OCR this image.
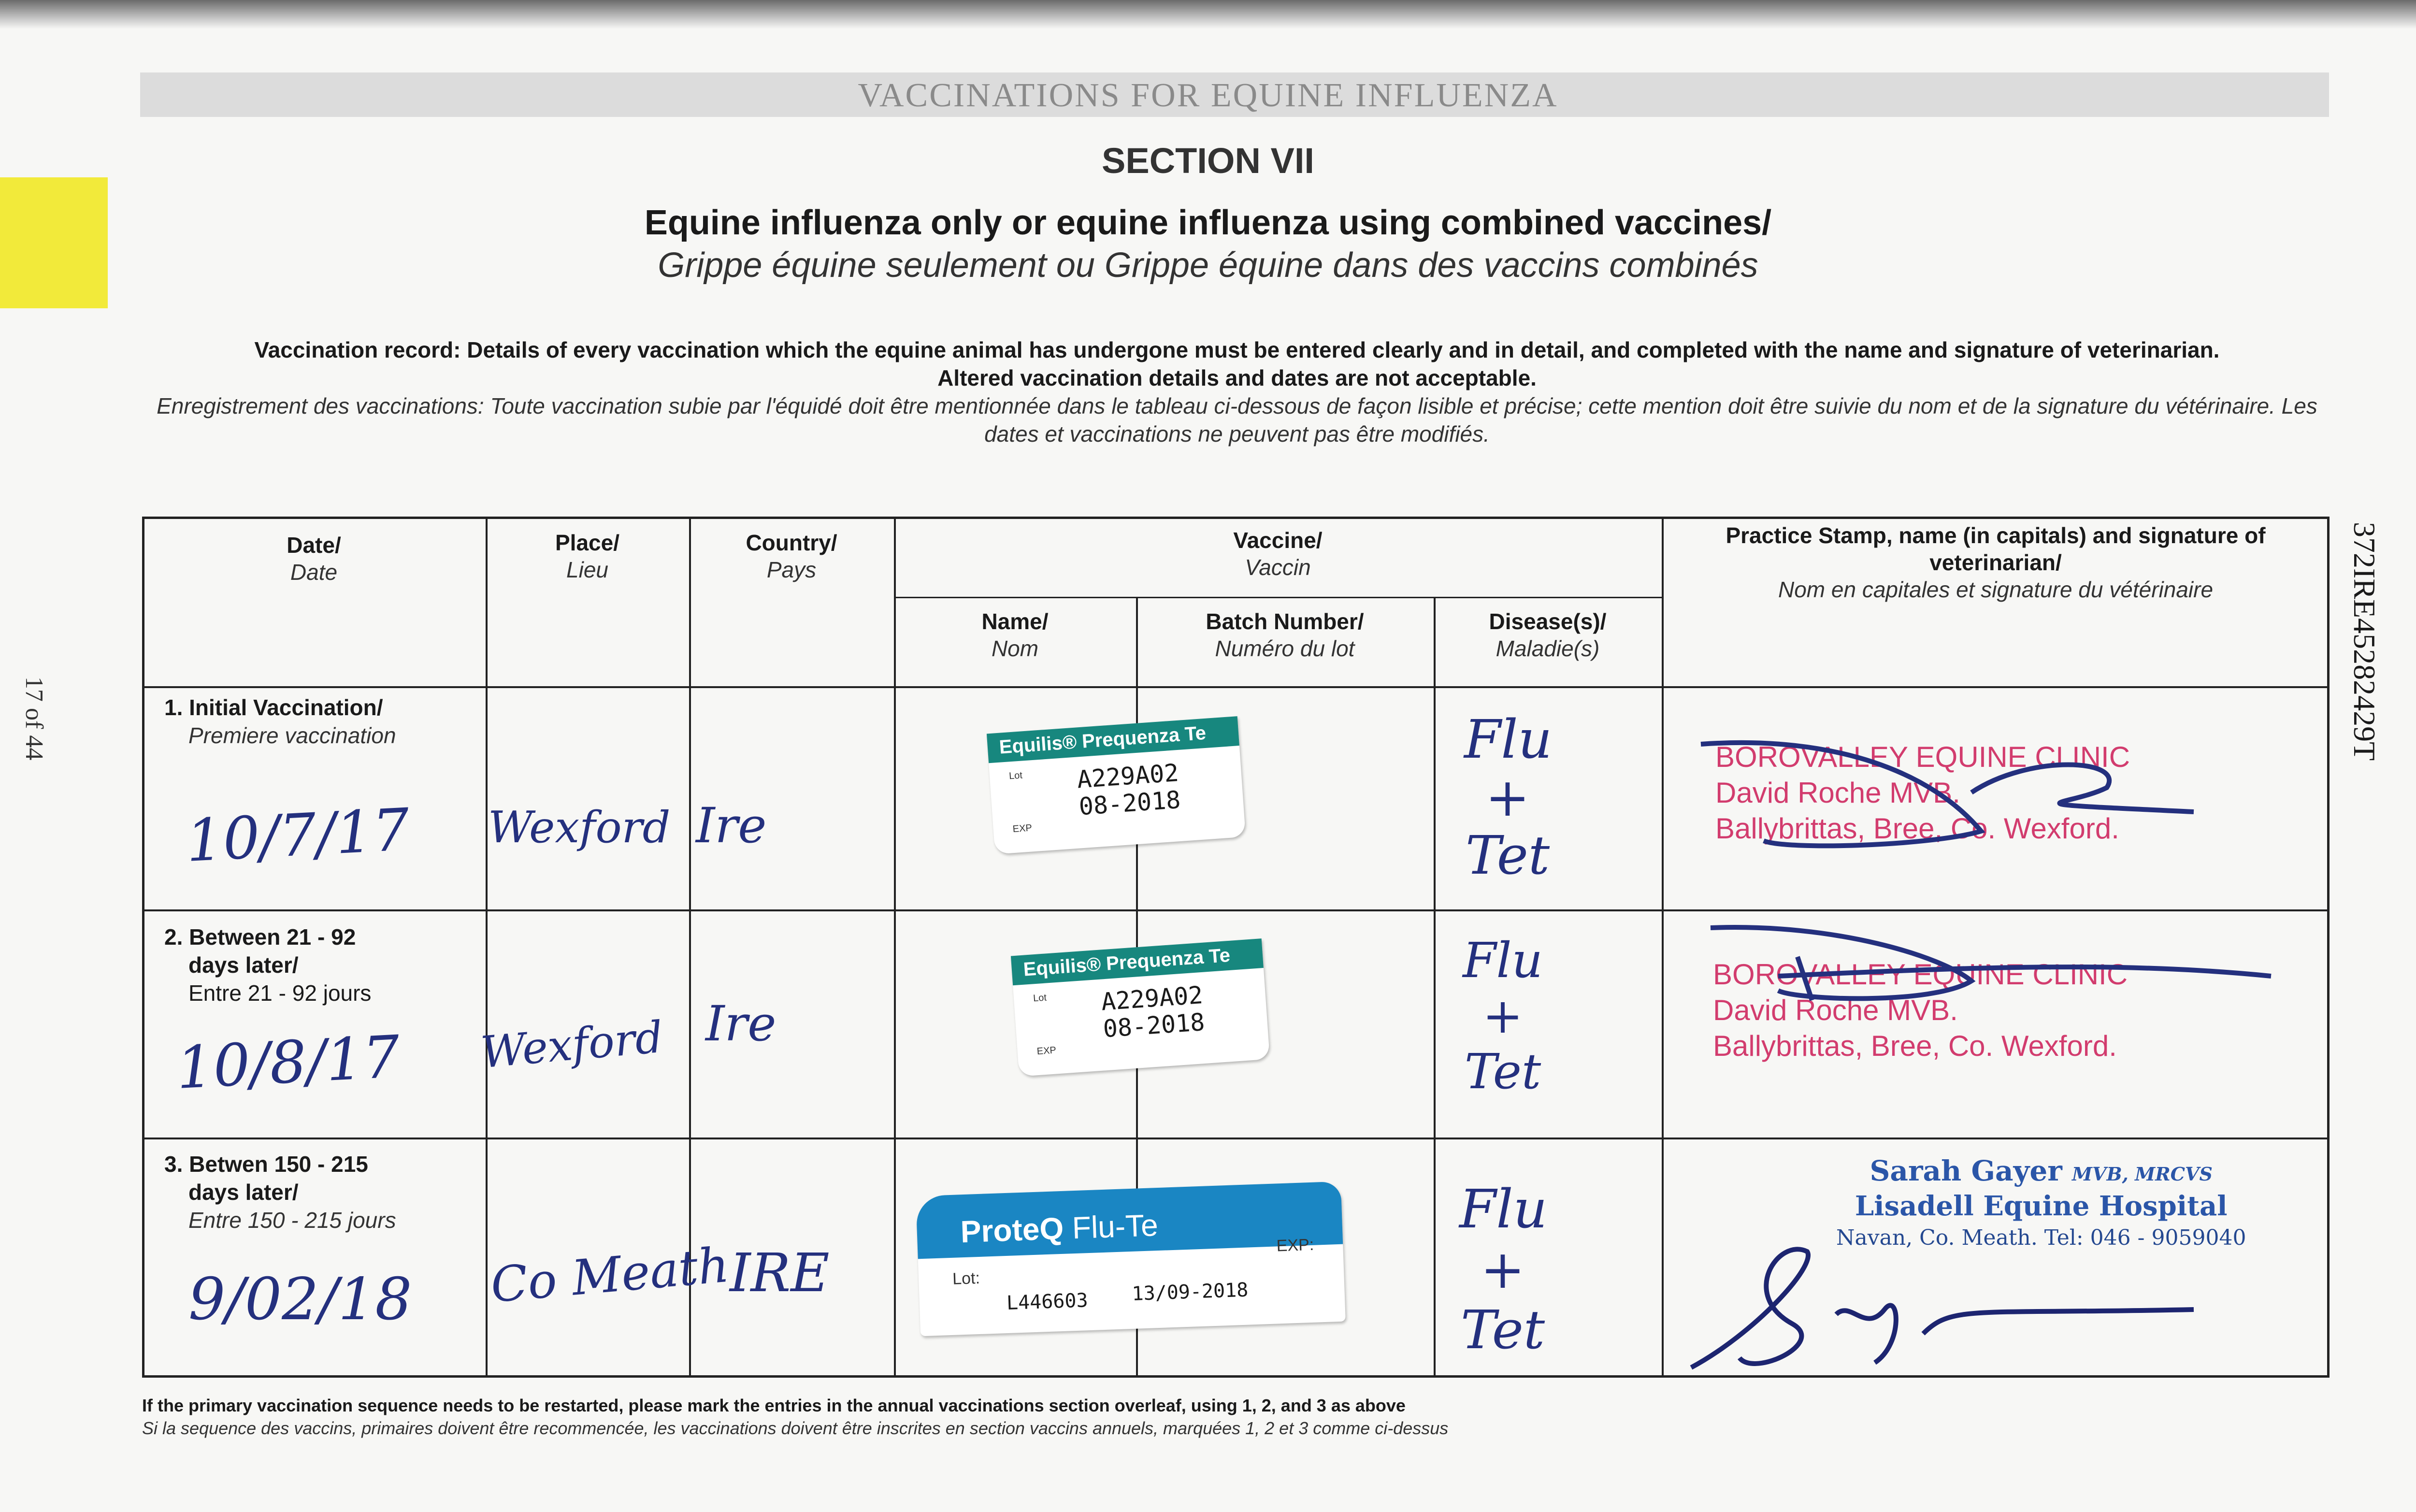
VACCINATIONS FOR EQUINE INFLUENZA
SECTION VII
Equine influenza only or equine influenza using combined vaccines/
Grippe équine seulement ou Grippe équine dans des vaccins combinés
Vaccination record: Details of every vaccination which the equine animal has undergone must be entered clearly and in detail, and completed with the name and signature of veterinarian.
Altered vaccination details and dates are not acceptable.
Enregistrement des vaccinations: Toute vaccination subie par l'équidé doit être mentionnée dans le tableau ci-dessous de façon lisible et précise; cette mention doit être suivie du nom et de la signature du vétérinaire. Les dates et vaccinations ne peuvent pas être modifiés.
17 of 44	372IRE45282429T
Date/
Date
Place/
Lieu
Country/
Pays
Vaccine/
Vaccin
Name/
Nom
Batch Number/
Numéro du lot
Disease(s)/
Maladie(s)
Practice Stamp, name (in capitals) and signature of veterinarian/
Nom en capitales et signature du vétérinaire
1. Initial Vaccination/
Premiere vaccination
10/7/17 Wexford Ire
Equilis® Prequenza Te
Lot
EXP
A229A02
08-2018
Flu
+
Tet
BOROVALLEY EQUINE CLINIC
David Roche MVB.
Ballybrittas, Bree, Co. Wexford.
2. Between 21 - 92
days later/
Entre 21 - 92 jours
10/8/17 Wexford Ire
Equilis® Prequenza Te
Lot
EXP
A229A02
08-2018
Flu
+
Tet
BOROVALLEY EQUINE CLINIC
David Roche MVB.
Ballybrittas, Bree, Co. Wexford.
3. Betwen 150 - 215
days later/
Entre 150 - 215 jours
9/02/18 Co Meath
IRE
ProteQ Flu-Te
Lot:
EXP:
L446603 13/09-2018
Flu
+
Tet
Sarah Gayer MVB, MRCVS
Lisadell Equine Hospital
Navan, Co. Meath. Tel: 046 - 9059040
If the primary vaccination sequence needs to be restarted, please mark the entries in the annual vaccinations section overleaf, using 1, 2, and 3 as above
Si la sequence des vaccins, primaires doivent être recommencée, les vaccinations doivent être inscrites en section vaccins annuels, marquées 1, 2 et 3 comme ci-dessus
